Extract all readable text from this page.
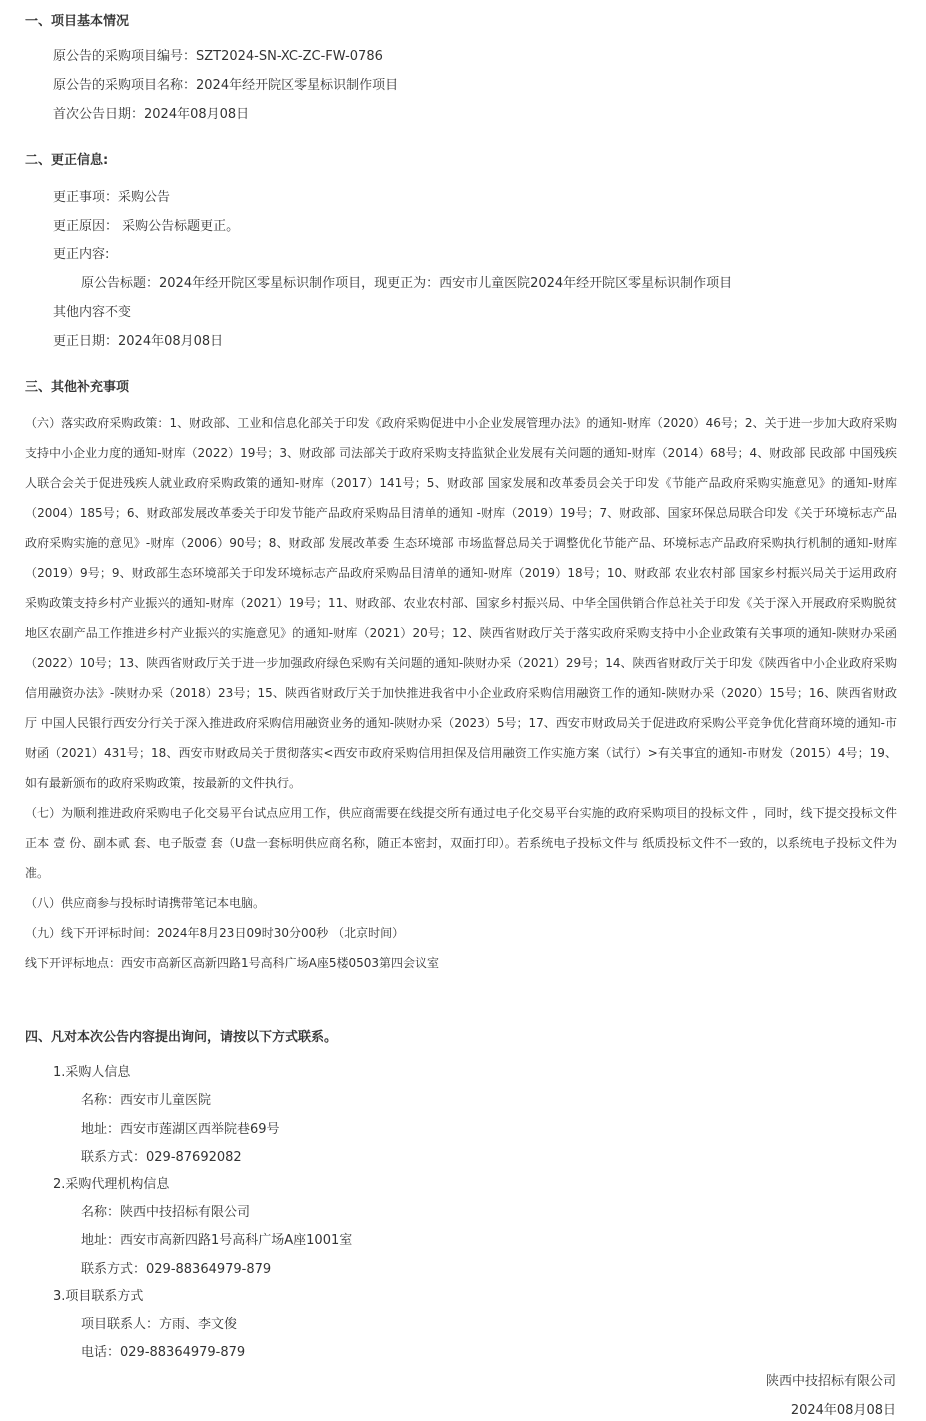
一、项目基本情况
原公告的采购项目编号：SZT2024-SN-XC-ZC-FW-0786
原公告的采购项目名称：2024年经开院区零星标识制作项目
首次公告日期：2024年08月08日
二、更正信息:
更正事项：采购公告
更正原因： 采购公告标题更正。
更正内容:
原公告标题：2024年经开院区零星标识制作项目，现更正为：西安市儿童医院2024年经开院区零星标识制作项目
其他内容不变
更正日期：2024年08月08日
三、其他补充事项
（六）落实政府采购政策：1、财政部、工业和信息化部关于印发《政府采购促进中小企业发展管理办法》的通知-财库（2020）46号；2、关于进一步加大政府采购支持中小企业力度的通知-财库（2022）19号；3、财政部 司法部关于政府采购支持监狱企业发展有关问题的通知-财库（2014）68号；4、财政部 民政部 中国残疾人联合会关于促进残疾人就业政府采购政策的通知-财库（2017）141号；5、财政部 国家发展和改革委员会关于印发《节能产品政府采购实施意见》的通知-财库（2004）185号；6、财政部发展改革委关于印发节能产品政府采购品目清单的通知 -财库（2019）19号；7、财政部、国家环保总局联合印发《关于环境标志产品政府采购实施的意见》-财库（2006）90号；8、财政部 发展改革委 生态环境部 市场监督总局关于调整优化节能产品、环境标志产品政府采购执行机制的通知-财库（2019）9号；9、财政部生态环境部关于印发环境标志产品政府采购品目清单的通知-财库（2019）18号；10、财政部 农业农村部 国家乡村振兴局关于运用政府采购政策支持乡村产业振兴的通知-财库（2021）19号；11、财政部、农业农村部、国家乡村振兴局、中华全国供销合作总社关于印发《关于深入开展政府采购脱贫地区农副产品工作推进乡村产业振兴的实施意见》的通知-财库（2021）20号；12、陕西省财政厅关于落实政府采购支持中小企业政策有关事项的通知-陕财办采函（2022）10号；13、陕西省财政厅关于进一步加强政府绿色采购有关问题的通知-陕财办采（2021）29号；14、陕西省财政厅关于印发《陕西省中小企业政府采购信用融资办法》-陕财办采（2018）23号；15、陕西省财政厅关于加快推进我省中小企业政府采购信用融资工作的通知-陕财办采（2020）15号；16、陕西省财政厅 中国人民银行西安分行关于深入推进政府采购信用融资业务的通知-陕财办采（2023）5号；17、西安市财政局关于促进政府采购公平竞争优化营商环境的通知-市财函（2021）431号；18、西安市财政局关于贯彻落实<西安市政府采购信用担保及信用融资工作实施方案（试行）>有关事宜的通知-市财发（2015）4号；19、如有最新颁布的政府采购政策，按最新的文件执行。
（七）为顺利推进政府采购电子化交易平台试点应用工作，供应商需要在线提交所有通过电子化交易平台实施的政府采购项目的投标文件 ，同时，线下提交投标文件正本 壹 份、副本贰 套、电子版壹 套（U盘一套标明供应商名称，随正本密封，双面打印）。若系统电子投标文件与 纸质投标文件不一致的，以系统电子投标文件为准。
（八）供应商参与投标时请携带笔记本电脑。
（九）线下开评标时间：2024年8月23日09时30分00秒 （北京时间）
线下开评标地点：西安市高新区高新四路1号高科广场A座5楼0503第四会议室
四、凡对本次公告内容提出询问，请按以下方式联系。
1.采购人信息
名称：西安市儿童医院
地址：西安市莲湖区西举院巷69号
联系方式：029-87692082
2.采购代理机构信息
名称：陕西中技招标有限公司
地址：西安市高新四路1号高科广场A座1001室
联系方式：029-88364979-879
3.项目联系方式
项目联系人：方雨、李文俊
电话：029-88364979-879
陕西中技招标有限公司
2024年08月08日
